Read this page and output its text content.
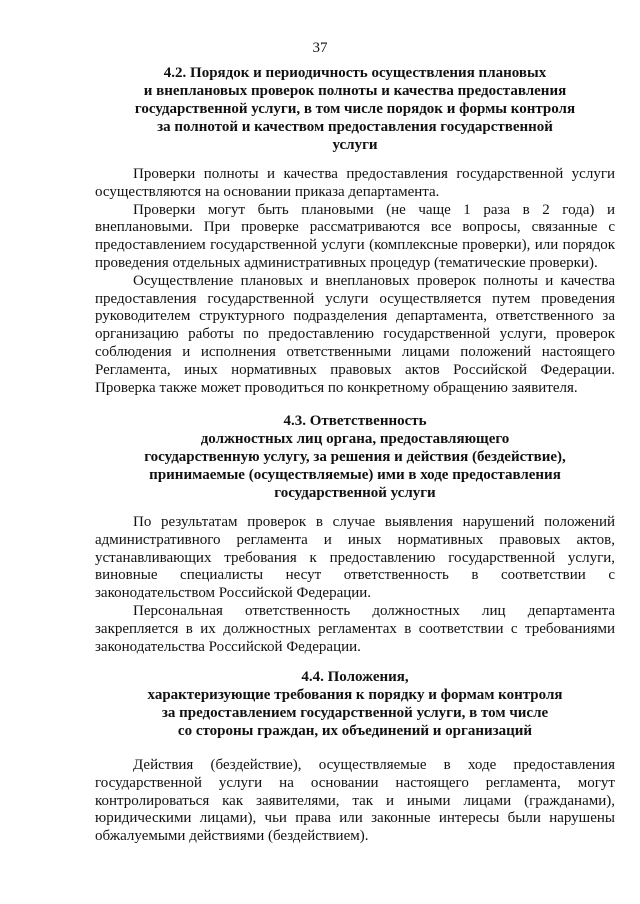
37
4.2. Порядок и периодичность осуществления плановых
и внеплановых проверок полноты и качества предоставления
государственной услуги, в том числе порядок и формы контроля
за полнотой и качеством предоставления государственной
услуги

Проверки полноты и качества предоставления государственной услуги осуществляются на основании приказа департамента.

Проверки могут быть плановыми (не чаще 1 раза в 2 года) и внеплановыми. При проверке рассматриваются все вопросы, связанные с предоставлением государственной услуги (комплексные проверки), или порядок проведения отдельных административных процедур (тематические проверки).

Осуществление плановых и внеплановых проверок полноты и качества предоставления государственной услуги осуществляется путем проведения руководителем структурного подразделения департамента, ответственного за организацию работы по предоставлению государственной услуги, проверок соблюдения и исполнения ответственными лицами положений настоящего Регламента, иных нормативных правовых актов Российской Федерации. Проверка также может проводиться по конкретному обращению заявителя.

4.3. Ответственность
должностных лиц органа, предоставляющего
государственную услугу, за решения и действия (бездействие),
принимаемые (осуществляемые) ими в ходе предоставления
государственной услуги

По результатам проверок в случае выявления нарушений положений административного регламента и иных нормативных правовых актов, устанавливающих требования к предоставлению государственной услуги, виновные специалисты несут ответственность в соответствии с законодательством Российской Федерации.

Персональная ответственность должностных лиц департамента закрепляется в их должностных регламентах в соответствии с требованиями законодательства Российской Федерации.

4.4. Положения,
характеризующие требования к порядку и формам контроля
за предоставлением государственной услуги, в том числе
со стороны граждан, их объединений и организаций

Действия (бездействие), осуществляемые в ходе предоставления государственной услуги на основании настоящего регламента, могут контролироваться как заявителями, так и иными лицами (гражданами), юридическими лицами), чьи права или законные интересы были нарушены обжалуемыми действиями (бездействием).
